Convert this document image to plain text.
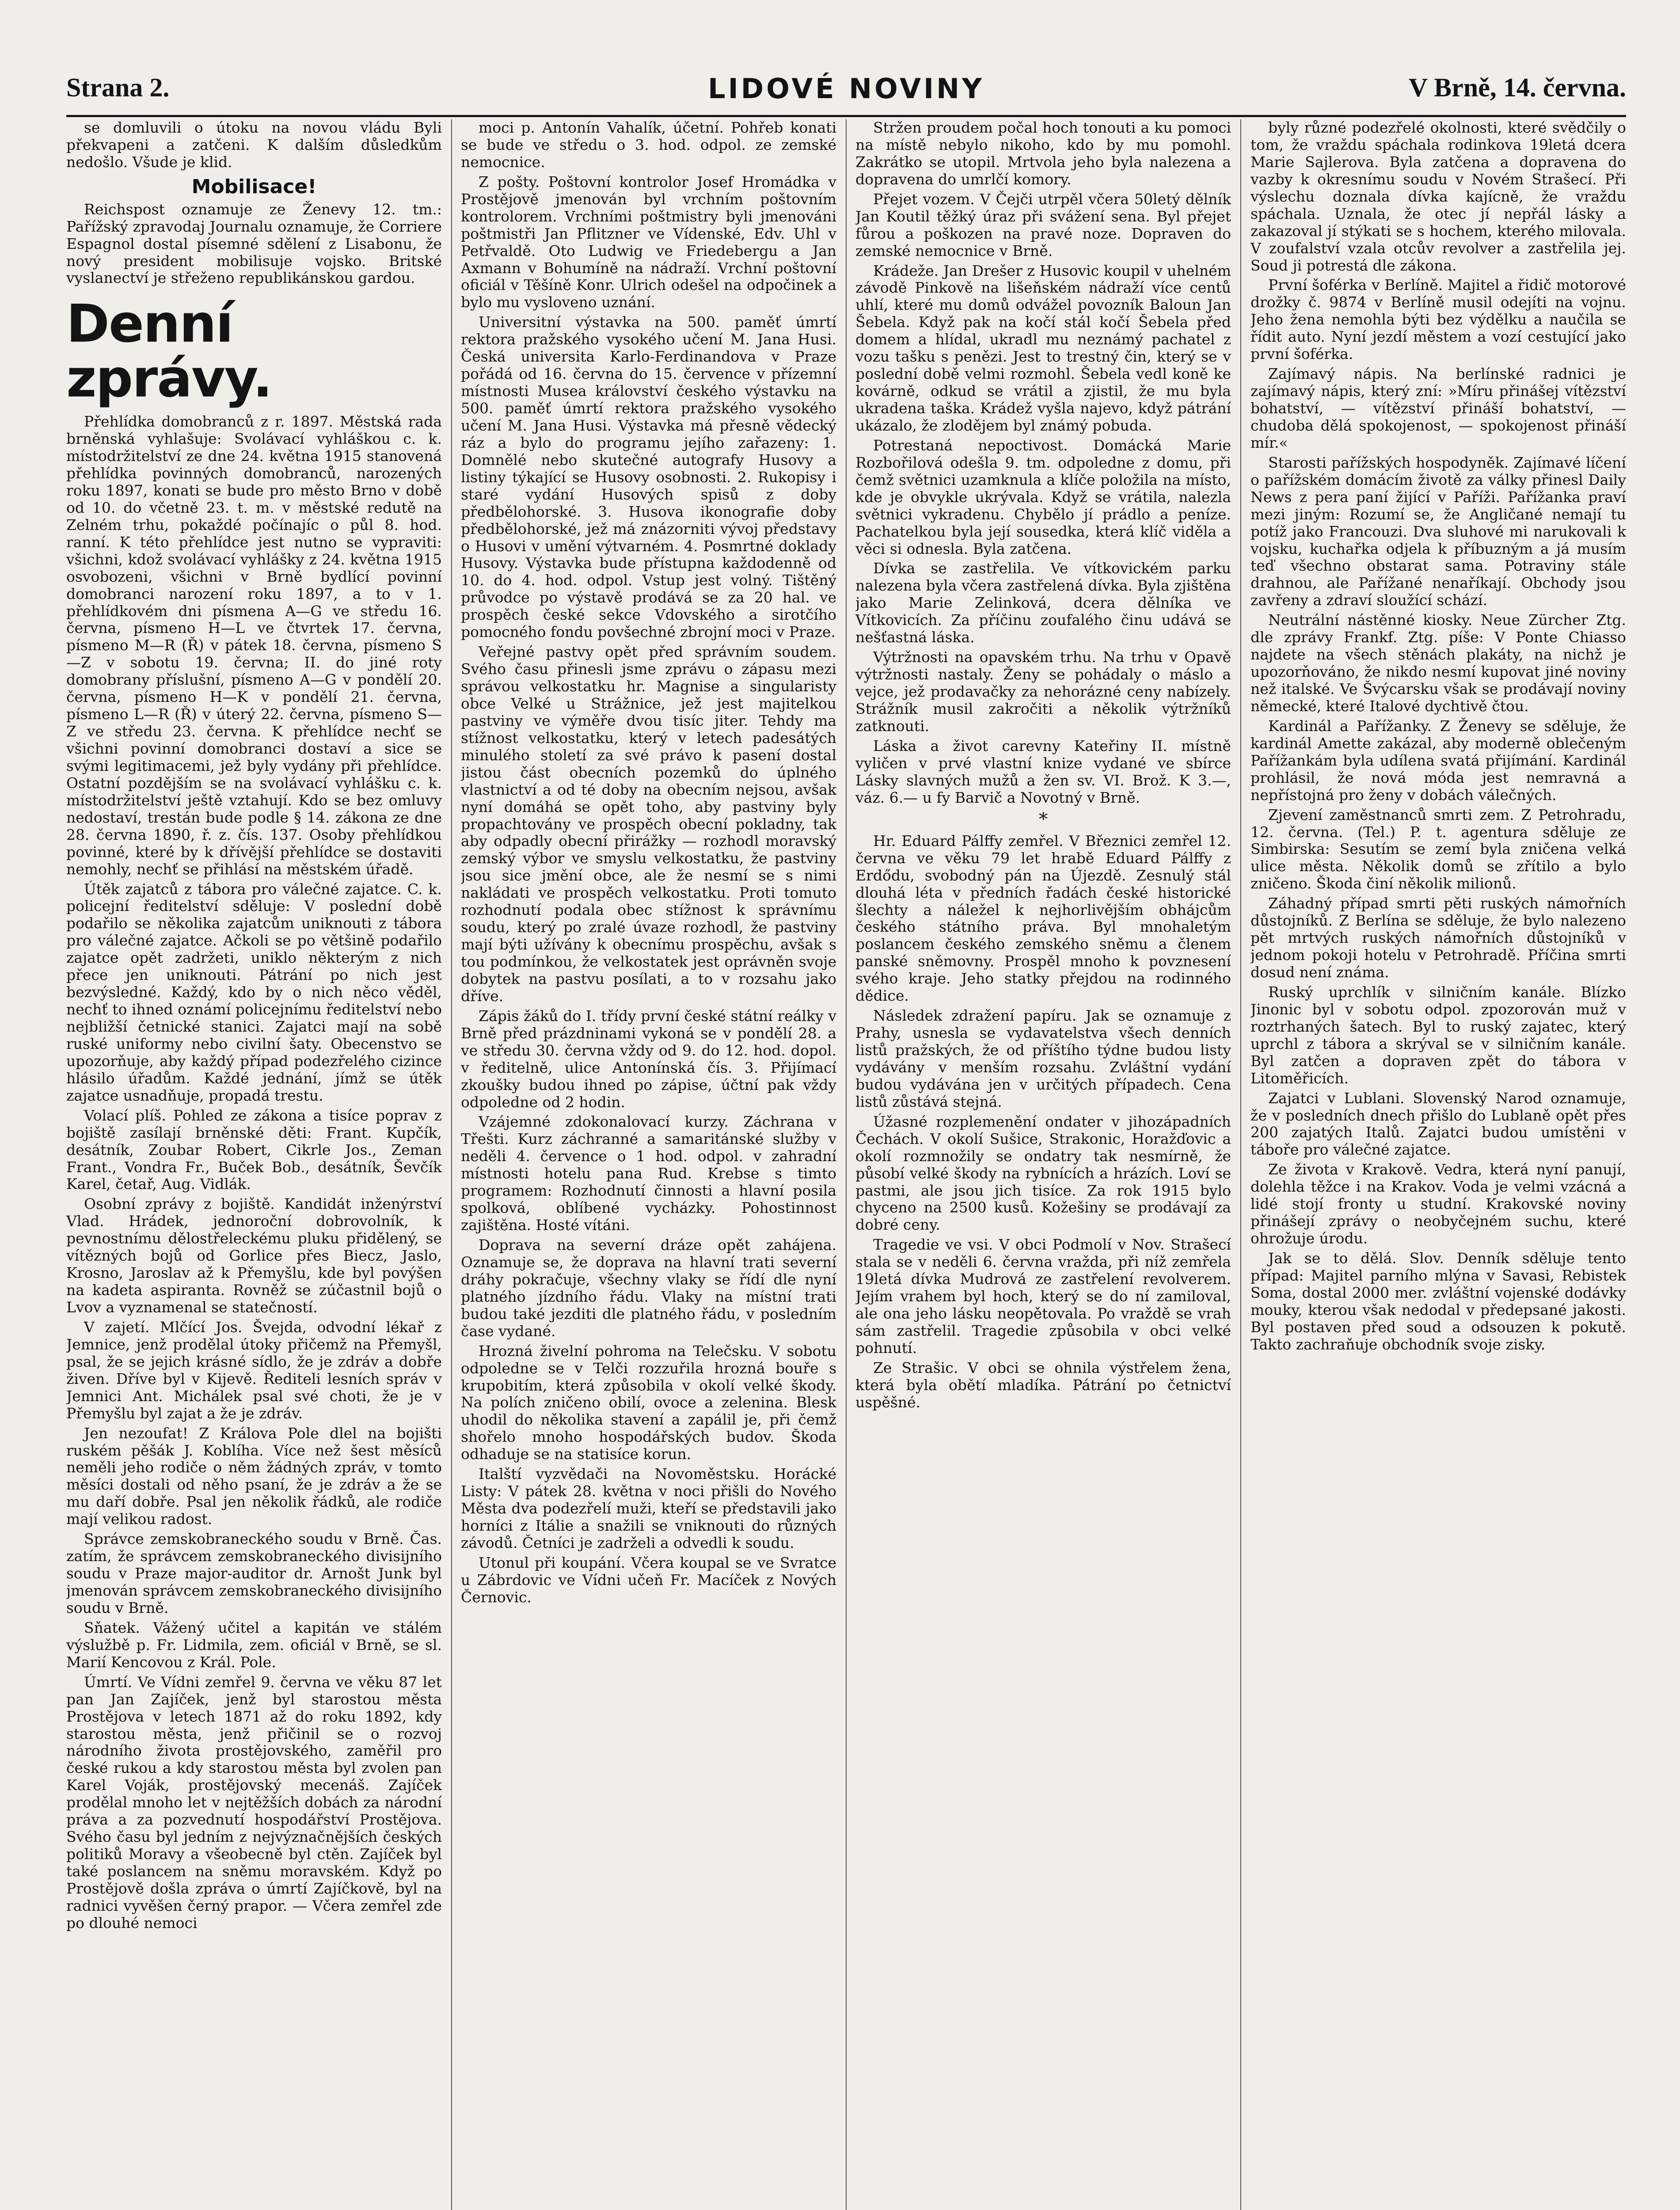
Strana 2.	LIDOVÉ NOVINY	V Brně, 14. června.

se domluvili o útoku na novou vládu Byli překvapeni a zatčeni. K dalším důsledkům nedošlo. Všude je klid.

Mobilisace!

Reichspost oznamuje ze Ženevy 12. tm.: Pařížský zpravodaj Journalu oznamuje, že Corriere Espagnol dostal písemné sdělení z Lisabonu, že nový president mobilisuje vojsko. Britské vyslanectví je střeženo republikánskou gardou.

Denní zprávy.

Přehlídka domobranců z r. 1897. Městská rada brněnská vyhlašuje: Svolávací vyhláškou c. k. místodržitelství ze dne 24. května 1915 stanovená přehlídka povinných domobranců, narozených roku 1897, konati se bude pro město Brno v době od 10. do včetně 23. t. m. v městské redutě na Zelném trhu, pokaždé počínajíc o půl 8. hod. ranní. K této přehlídce jest nutno se vypraviti: všichni, kdož svolávací vyhlášky z 24. května 1915 osvobozeni, všichni v Brně bydlící povinní domobranci narození roku 1897, a to v 1. přehlídkovém dni písmena A—G ve středu 16. června, písmeno H—L ve čtvrtek 17. června, písmeno M—R (Ř) v pátek 18. června, písmeno S—Z v sobotu 19. června; II. do jiné roty domobrany příslušní, písmeno A—G v pondělí 20. června, písmeno H—K v pondělí 21. června, písmeno L—R (Ř) v úterý 22. června, písmeno S—Z ve středu 23. června. K přehlídce nechť se všichni povinní domobranci dostaví a sice se svými legitimacemi, jež byly vydány při přehlídce. Ostatní pozdějším se na svolávací vyhlášku c. k. místodržitelství ještě vztahují. Kdo se bez omluvy nedostaví, trestán bude podle § 14. zákona ze dne 28. června 1890, ř. z. čís. 137. Osoby přehlídkou povinné, které by k dřívější přehlídce se dostaviti nemohly, nechť se přihlásí na městském úřadě.

Útěk zajatců z tábora pro válečné zajatce. C. k. policejní ředitelství sděluje: V poslední době podařilo se několika zajatcům uniknouti z tábora pro válečné zajatce. Ačkoli se po většině podařilo zajatce opět zadržeti, uniklo některým z nich přece jen uniknouti. Pátrání po nich jest bezvýsledné. Každý, kdo by o nich něco věděl, nechť to ihned oznámí policejnímu ředitelství nebo nejbližší četnické stanici. Zajatci mají na sobě ruské uniformy nebo civilní šaty. Obecenstvo se upozorňuje, aby každý případ podezřelého cizince hlásilo úřadům. Každé jednání, jímž se útěk zajatce usnadňuje, propadá trestu.

Volací plíš. Pohled ze zákona a tisíce poprav z bojiště zasílají brněnské děti: Frant. Kupčík, desátník, Zoubar Robert, Cikrle Jos., Zeman Frant., Vondra Fr., Buček Bob., desátník, Ševčík Karel, četař, Aug. Vidlák.

Osobní zprávy z bojiště. Kandidát inženýrství Vlad. Hrádek, jednoroční dobrovolník, k pevnostnímu dělostřeleckému pluku přidělený, se vítězných bojů od Gorlice přes Biecz, Jaslo, Krosno, Jaroslav až k Přemyšlu, kde byl povýšen na kadeta aspiranta. Rovněž se zúčastnil bojů o Lvov a vyznamenal se statečností.

V zajetí. Mlčící Jos. Švejda, odvodní lékař z Jemnice, jenž prodělal útoky přičemž na Přemyšl, psal, že se jejich krásné sídlo, že je zdráv a dobře živen. Dříve byl v Kijevě. Řediteli lesních správ v Jemnici Ant. Michálek psal své choti, že je v Přemyšlu byl zajat a že je zdráv.

Jen nezoufat! Z Králova Pole dlel na bojišti ruském pěšák J. Koblíha. Více než šest měsíců neměli jeho rodiče o něm žádných zpráv, v tomto měsíci dostali od něho psaní, že je zdráv a že se mu daří dobře. Psal jen několik řádků, ale rodiče mají velikou radost.

Správce zemskobraneckého soudu v Brně. Čas. zatím, že správcem zemskobraneckého divisijního soudu v Praze major-auditor dr. Arnošt Junk byl jmenován správcem zemskobraneckého divisijního soudu v Brně.

Sňatek. Vážený učitel a kapitán ve stálém výslužbě p. Fr. Lidmila, zem. oficiál v Brně, se sl. Marií Kencovou z Král. Pole.

Úmrtí. Ve Vídni zemřel 9. června ve věku 87 let pan Jan Zajíček, jenž byl starostou města Prostějova v letech 1871 až do roku 1892, kdy starostou města, jenž přičinil se o rozvoj národního života prostějovského, zaměřil pro české rukou a kdy starostou města byl zvolen pan Karel Voják, prostějovský mecenáš. Zajíček prodělal mnoho let v nejtěžších dobách za národní práva a za pozvednutí hospodářství Prostějova. Svého času byl jedním z nejvýznačnějších českých politiků Moravy a všeobecně byl ctěn. Zajíček byl také poslancem na sněmu moravském. Když po Prostějově došla zpráva o úmrtí Zajíčkově, byl na radnici vyvěšen černý prapor. — Včera zemřel zde po dlouhé nemoci

moci p. Antonín Vahalík, účetní. Pohřeb konati se bude ve středu o 3. hod. odpol. ze zemské nemocnice.

Z pošty. Poštovní kontrolor Josef Hromádka v Prostějově jmenován byl vrchním poštovním kontrolorem. Vrchními poštmistry byli jmenováni poštmistři Jan Pflitzner ve Vídenské, Edv. Uhl v Petřvaldě. Oto Ludwig ve Friedebergu a Jan Axmann v Bohumíně na nádraží. Vrchní poštovní oficiál v Těšíně Konr. Ulrich odešel na odpočinek a bylo mu vysloveno uznání.

Universitní výstavka na 500. paměť úmrtí rektora pražského vysokého učení M. Jana Husi. Česká universita Karlo-Ferdinandova v Praze pořádá od 16. června do 15. července v přízemní místnosti Musea království českého výstavku na 500. paměť úmrtí rektora pražského vysokého učení M. Jana Husi. Výstavka má přesně vědecký ráz a bylo do programu jejího zařazeny: 1. Domnělé nebo skutečné autografy Husovy a listiny týkající se Husovy osobnosti. 2. Rukopisy i staré vydání Husových spisů z doby předbělohorské. 3. Husova ikonografie doby předbělohorské, jež má znázorniti vývoj představy o Husovi v umění výtvarném. 4. Posmrtné doklady Husovy. Výstavka bude přístupna každodenně od 10. do 4. hod. odpol. Vstup jest volný. Tištěný průvodce po výstavě prodává se za 20 hal. ve prospěch české sekce Vdovského a sirotčího pomocného fondu povšechné zbrojní moci v Praze.

Veřejné pastvy opět před správním soudem. Svého času přinesli jsme zprávu o zápasu mezi správou velkostatku hr. Magnise a singularisty obce Velké u Strážnice, jež jest majitelkou pastviny ve výměře dvou tisíc jiter. Tehdy ma stížnost velkostatku, který v letech padesátých minulého století za své právo k pasení dostal jistou část obecních pozemků do úplného vlastnictví a od té doby na obecním nejsou, avšak nyní domáhá se opět toho, aby pastviny byly propachtovány ve prospěch obecní pokladny, tak aby odpadly obecní přirážky — rozhodl moravský zemský výbor ve smyslu velkostatku, že pastviny jsou sice jmění obce, ale že nesmí se s nimi nakládati ve prospěch velkostatku. Proti tomuto rozhodnutí podala obec stížnost k správnímu soudu, který po zralé úvaze rozhodl, že pastviny mají býti užívány k obecnímu prospěchu, avšak s tou podmínkou, že velkostatek jest oprávněn svoje dobytek na pastvu posílati, a to v rozsahu jako dříve.

Zápis žáků do I. třídy první české státní reálky v Brně před prázdninami vykoná se v pondělí 28. a ve středu 30. června vždy od 9. do 12. hod. dopol. v ředitelně, ulice Antonínská čís. 3. Přijímací zkoušky budou ihned po zápise, účtní pak vždy odpoledne od 2 hodin.

Vzájemné zdokonalovací kurzy. Záchrana v Třešti. Kurz záchranné a samaritánské služby v neděli 4. července o 1 hod. odpol. v zahradní místnosti hotelu pana Rud. Krebse s timto programem: Rozhodnutí činnosti a hlavní posila spolková, oblíbené vycházky. Pohostinnost zajištěna. Hosté vítáni.

Doprava na severní dráze opět zahájena. Oznamuje se, že doprava na hlavní trati severní dráhy pokračuje, všechny vlaky se řídí dle nyní platného jízdního řádu. Vlaky na místní trati budou také jezditi dle platného řádu, v posledním čase vydané.

Hrozná živelní pohroma na Telečsku. V sobotu odpoledne se v Telči rozzuřila hrozná bouře s krupobitím, která způsobila v okolí velké škody. Na polích zničeno obilí, ovoce a zelenina. Blesk uhodil do několika stavení a zapálil je, při čemž shořelo mnoho hospodářských budov. Škoda odhaduje se na statisíce korun.

Italští vyzvědači na Novoměstsku. Horácké Listy: V pátek 28. května v noci přišli do Nového Města dva podezřelí muži, kteří se představili jako horníci z Itálie a snažili se vniknouti do různých závodů. Četníci je zadrželi a odvedli k soudu.

Utonul při koupání. Včera koupal se ve Svratce u Zábrdovic ve Vídni učeň Fr. Macíček z Nových Černovic.

Stržen proudem počal hoch tonouti a ku pomoci na místě nebylo nikoho, kdo by mu pomohl. Zakrátko se utopil. Mrtvola jeho byla nalezena a dopravena do umrlčí komory.

Přejet vozem. V Čejči utrpěl včera 50letý dělník Jan Koutil těžký úraz při svážení sena. Byl přejet fůrou a poškozen na pravé noze. Dopraven do zemské nemocnice v Brně.

Krádeže. Jan Drešer z Husovic koupil v uhelném závodě Pinkově na lišeňském nádraží více centů uhlí, které mu domů odvážel povozník Baloun Jan Šebela. Když pak na kočí stál kočí Šebela před domem a hlídal, ukradl mu neznámý pachatel z vozu tašku s penězi. Jest to trestný čin, který se v poslední době velmi rozmohl. Šebela vedl koně ke kovárně, odkud se vrátil a zjistil, že mu byla ukradena taška. Krádež vyšla najevo, když pátrání ukázalo, že zlodějem byl známý pobuda.

Potrestaná nepoctivost. Domácká Marie Rozbořilová odešla 9. tm. odpoledne z domu, při čemž světnici uzamknula a klíče položila na místo, kde je obvykle ukrývala. Když se vrátila, nalezla světnici vykradenu. Chybělo jí prádlo a peníze. Pachatelkou byla její sousedka, která klíč viděla a věci si odnesla. Byla zatčena.

Dívka se zastřelila. Ve vítkovickém parku nalezena byla včera zastřelená dívka. Byla zjištěna jako Marie Zelinková, dcera dělníka ve Vítkovicích. Za příčinu zoufalého činu udává se nešťastná láska.

Výtržnosti na opavském trhu. Na trhu v Opavě výtržnosti nastaly. Ženy se pohádaly o máslo a vejce, jež prodavačky za nehorázné ceny nabízely. Strážník musil zakročiti a několik výtržníků zatknouti.

Láska a život carevny Kateřiny II. místně vyličen v prvé vlastní knize vydané ve sbírce Lásky slavných mužů a žen sv. VI. Brož. K 3.—, váz. 6.— u fy Barvič a Novotný v Brně.

*

Hr. Eduard Pálffy zemřel. V Březnici zemřel 12. června ve věku 79 let hrabě Eduard Pálffy z Erdődu, svobodný pán na Újezdě. Zesnulý stál dlouhá léta v předních řadách české historické šlechty a náležel k nejhorlivějším obhájcům českého státního práva. Byl mnohaletým poslancem českého zemského sněmu a členem panské sněmovny. Prospěl mnoho k povznesení svého kraje. Jeho statky přejdou na rodinného dědice.

Následek zdražení papíru. Jak se oznamuje z Prahy, usnesla se vydavatelstva všech denních listů pražských, že od příštího týdne budou listy vydávány v menším rozsahu. Zvláštní vydání budou vydávána jen v určitých případech. Cena listů zůstává stejná.

Úžasné rozplemenění ondater v jihozápadních Čechách. V okolí Sušice, Strakonic, Horažďovic a okolí rozmnožily se ondatry tak nesmírně, že působí velké škody na rybnících a hrázích. Loví se pastmi, ale jsou jich tisíce. Za rok 1915 bylo chyceno na 2500 kusů. Kožešiny se prodávají za dobré ceny.

Tragedie ve vsi. V obci Podmolí v Nov. Strašecí stala se v neděli 6. června vražda, při níž zemřela 19letá dívka Mudrová ze zastřelení revolverem. Jejím vrahem byl hoch, který se do ní zamiloval, ale ona jeho lásku neopětovala. Po vraždě se vrah sám zastřelil. Tragedie způsobila v obci velké pohnutí.

Ze Strašic. V obci se ohnila výstřelem žena, která byla obětí mladíka. Pátrání po četnictví uspěšné.

byly různé podezřelé okolnosti, které svědčily o tom, že vraždu spáchala rodinkova 19letá dcera Marie Sajlerova. Byla zatčena a dopravena do vazby k okresnímu soudu v Novém Strašecí. Při výslechu doznala dívka kajícně, že vraždu spáchala. Uznala, že otec jí nepřál lásky a zakazoval jí stýkati se s hochem, kterého milovala. V zoufalství vzala otcův revolver a zastřelila jej. Soud ji potrestá dle zákona.

První šoférka v Berlíně. Majitel a řidič motorové drožky č. 9874 v Berlíně musil odejíti na vojnu. Jeho žena nemohla býti bez výdělku a naučila se řídit auto. Nyní jezdí městem a vozí cestující jako první šoférka.

Zajímavý nápis. Na berlínské radnici je zajímavý nápis, který zní: »Míru přinášej vítězství bohatství, — vítězství přináší bohatství, — chudoba dělá spokojenost, — spokojenost přináší mír.«

Starosti pařížských hospodyněk. Zajímavé líčení o pařížském domácím životě za války přinesl Daily News z pera paní žijící v Paříži. Pařížanka praví mezi jiným: Rozumí se, že Angličané nemají tu potíž jako Francouzi. Dva sluhové mi narukovali k vojsku, kuchařka odjela k příbuzným a já musím teď všechno obstarat sama. Potraviny stále drahnou, ale Pařížané nenaříkají. Obchody jsou zavřeny a zdraví sloužící schází.

Neutrální nástěnné kiosky. Neue Zürcher Ztg. dle zprávy Frankf. Ztg. píše: V Ponte Chiasso najdete na všech stěnách plakáty, na nichž je upozorňováno, že nikdo nesmí kupovat jiné noviny než italské. Ve Švýcarsku však se prodávají noviny německé, které Italové dychtivě čtou.

Kardinál a Pařížanky. Z Ženevy se sděluje, že kardinál Amette zakázal, aby moderně oblečeným Pařížankám byla udílena svatá přijímání. Kardinál prohlásil, že nová móda jest nemravná a nepřístojná pro ženy v dobách válečných.

Zjevení zaměstnanců smrti zem. Z Petrohradu, 12. června. (Tel.) P. t. agentura sděluje ze Simbirska: Sesutím se zemí byla zničena velká ulice města. Několik domů se zřítilo a bylo zničeno. Škoda činí několik milionů.

Záhadný případ smrti pěti ruských námořních důstojníků. Z Berlína se sděluje, že bylo nalezeno pět mrtvých ruských námořních důstojníků v jednom pokoji hotelu v Petrohradě. Příčina smrti dosud není známa.

Ruský uprchlík v silničním kanále. Blízko Jinonic byl v sobotu odpol. zpozorován muž v roztrhaných šatech. Byl to ruský zajatec, který uprchl z tábora a skrýval se v silničním kanále. Byl zatčen a dopraven zpět do tábora v Litoměřicích.

Zajatci v Lublani. Slovenský Narod oznamuje, že v posledních dnech přišlo do Lublaně opět přes 200 zajatých Italů. Zajatci budou umístěni v táboře pro válečné zajatce.

Ze života v Krakově. Vedra, která nyní panují, dolehla těžce i na Krakov. Voda je velmi vzácná a lidé stojí fronty u studní. Krakovské noviny přinášejí zprávy o neobyčejném suchu, které ohrožuje úrodu.

Jak se to dělá. Slov. Denník sděluje tento případ: Majitel parního mlýna v Savasi, Rebistek Soma, dostal 2000 mer. zvláštní vojenské dodávky mouky, kterou však nedodal v předepsané jakosti. Byl postaven před soud a odsouzen k pokutě. Takto zachraňuje obchodník svoje zisky.
